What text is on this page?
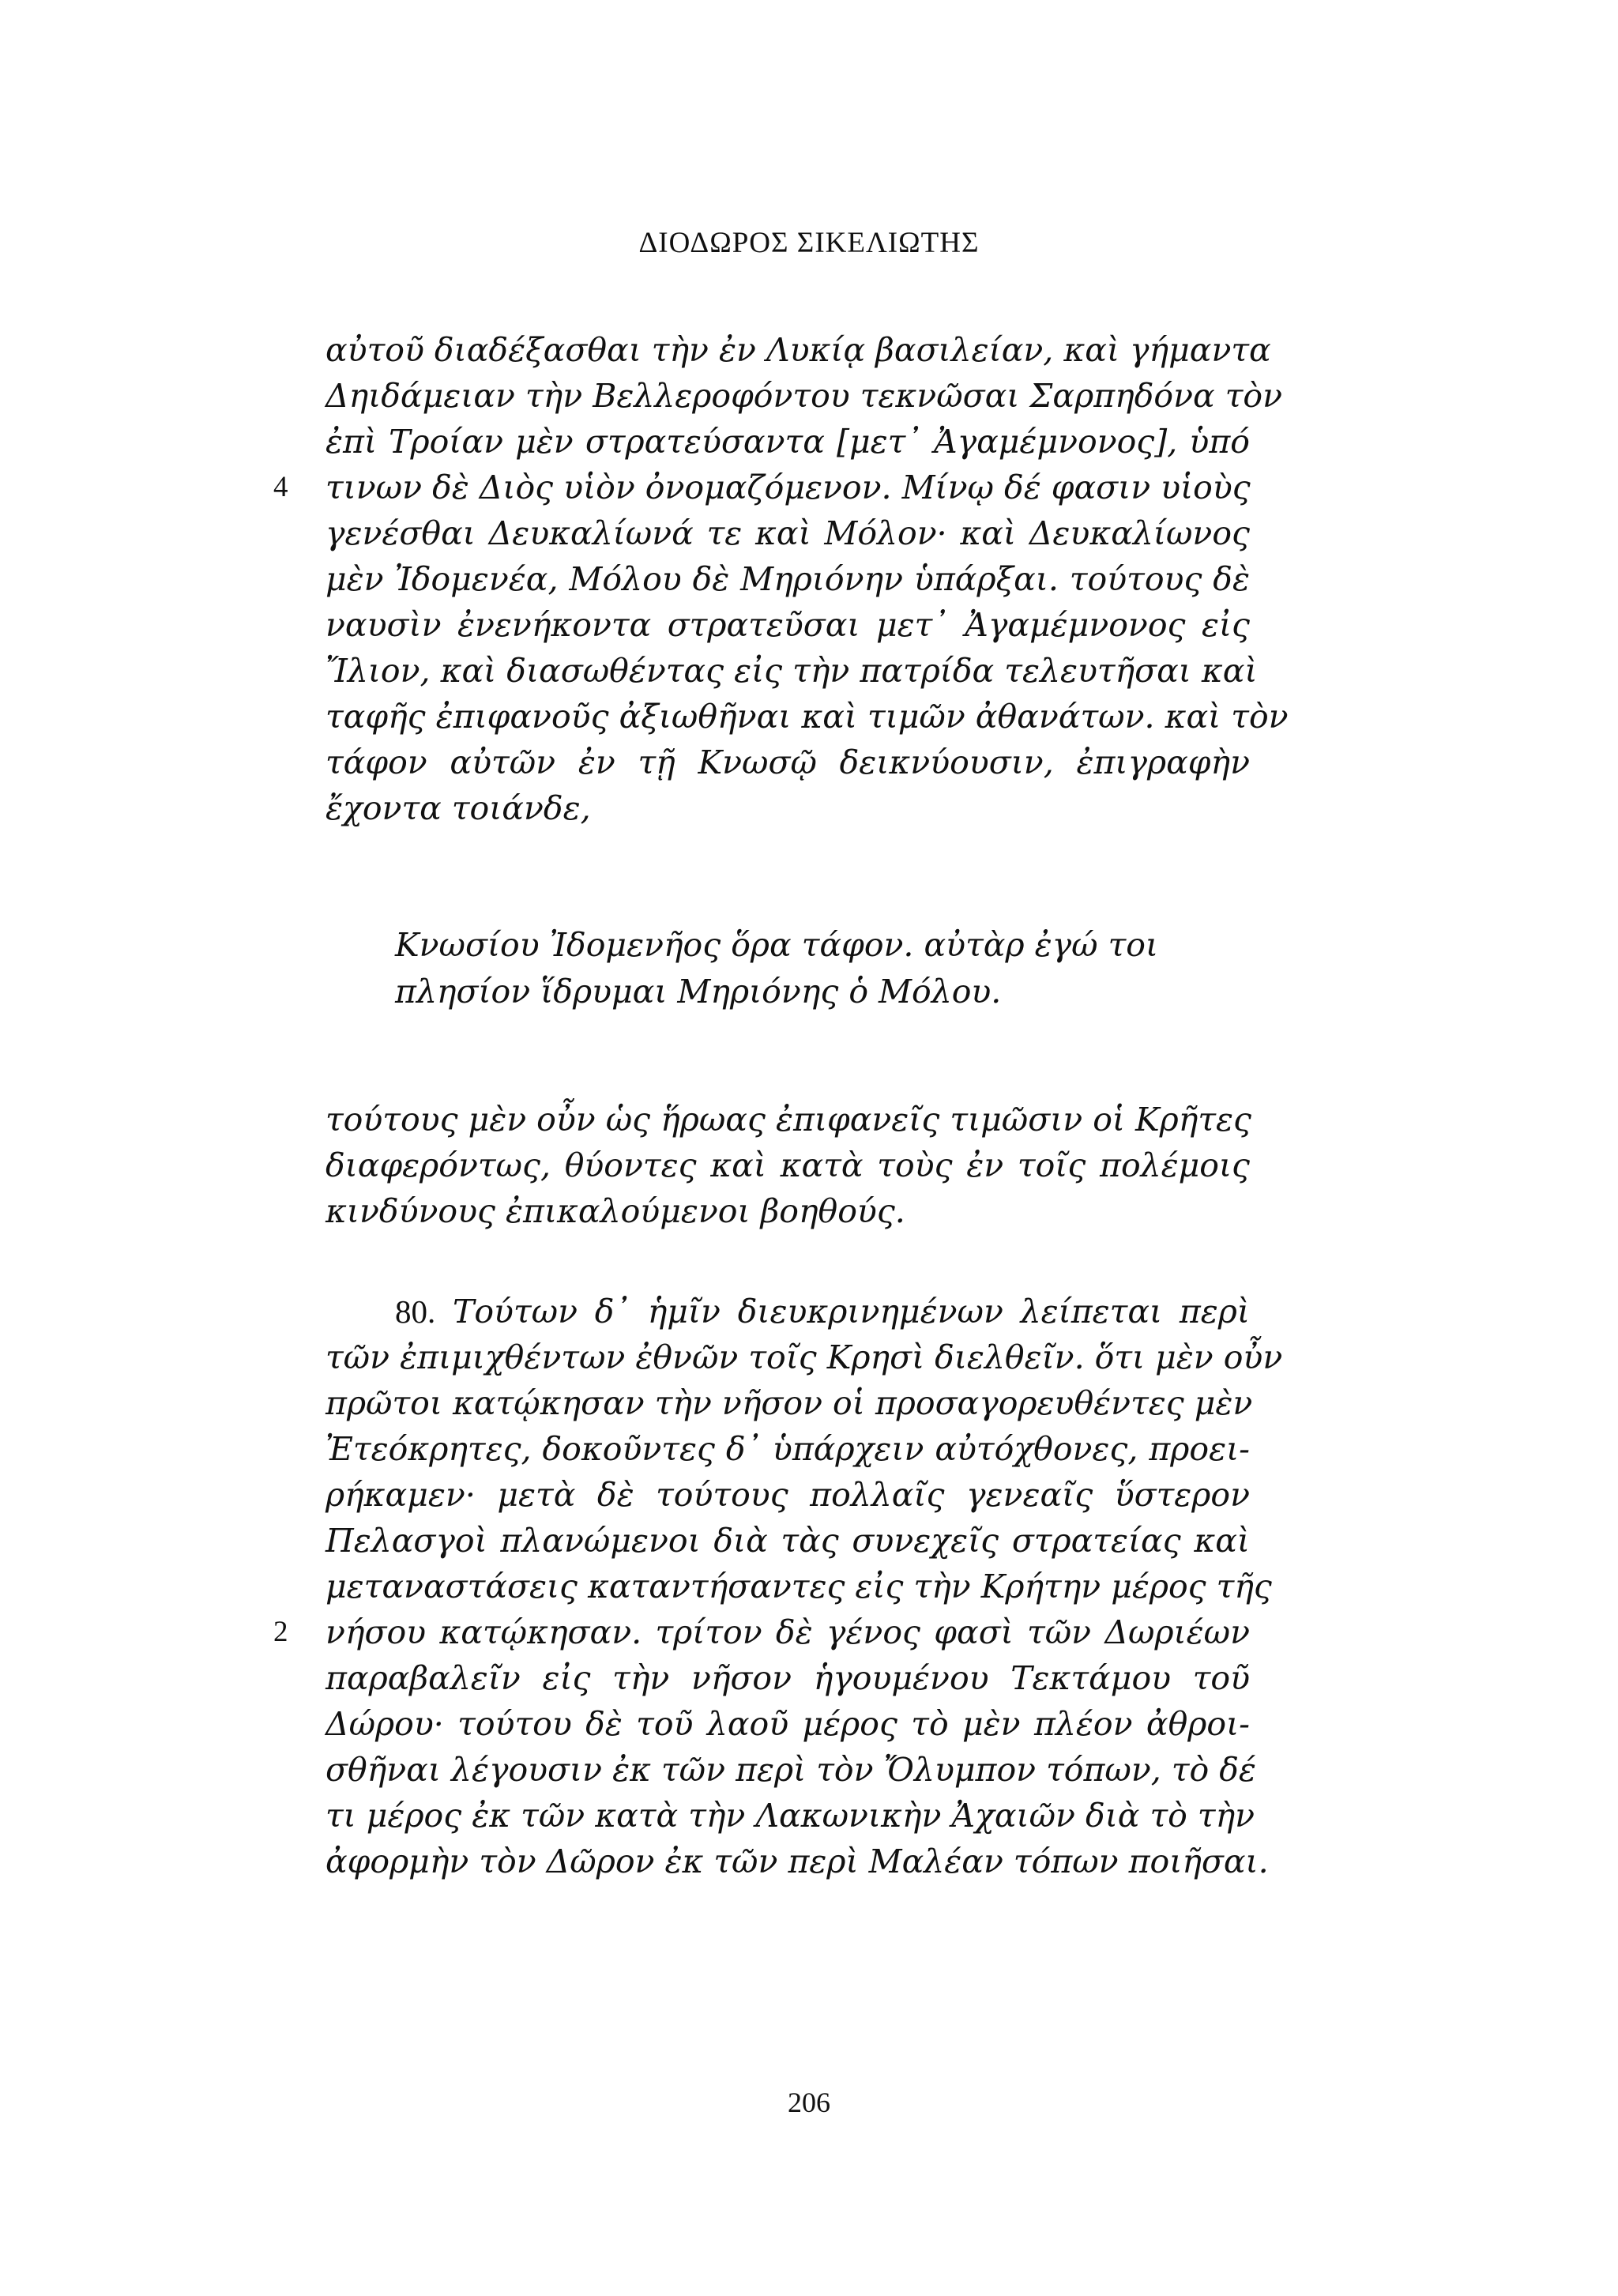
ΔΙΟΔΩΡΟΣ ΣΙΚΕΛΙΩΤΗΣ
αὐτοῦ διαδέξασθαι τὴν ἐν Λυκίᾳ βασιλείαν, καὶ γήμαντα
Δηιδάμειαν τὴν Βελλεροφόντου τεκνῶσαι Σαρπηδόνα τὸν
ἐπὶ Τροίαν μὲν στρατεύσαντα [μετ᾽ Ἀγαμέμνονος], ὑπό
4 τινων δὲ Διὸς υἱὸν ὀνομαζόμενον. Μίνῳ δέ φασιν υἱοὺς
γενέσθαι Δευκαλίωνά τε καὶ Μόλον· καὶ Δευκαλίωνος
μὲν Ἰδομενέα, Μόλου δὲ Μηριόνην ὑπάρξαι. τούτους δὲ
ναυσὶν ἐνενήκοντα στρατεῦσαι μετ᾽ Ἀγαμέμνονος εἰς
Ἴλιον, καὶ διασωθέντας εἰς τὴν πατρίδα τελευτῆσαι καὶ
ταφῆς ἐπιφανοῦς ἀξιωθῆναι καὶ τιμῶν ἀθανάτων. καὶ τὸν
τάφον αὐτῶν ἐν τῇ Κνωσῷ δεικνύουσιν, ἐπιγραφὴν
ἔχοντα τοιάνδε,
Κνωσίου Ἰδομενῆος ὅρα τάφον. αὐτὰρ ἐγώ τοι
πλησίον ἵδρυμαι Μηριόνης ὁ Μόλου.
τούτους μὲν οὖν ὡς ἥρωας ἐπιφανεῖς τιμῶσιν οἱ Κρῆτες
διαφερόντως, θύοντες καὶ κατὰ τοὺς ἐν τοῖς πολέμοις
κινδύνους ἐπικαλούμενοι βοηθούς.
80. Τούτων δ᾽ ἡμῖν διευκρινημένων λείπεται περὶ
τῶν ἐπιμιχθέντων ἐθνῶν τοῖς Κρησὶ διελθεῖν. ὅτι μὲν οὖν
πρῶτοι κατῴκησαν τὴν νῆσον οἱ προσαγορευθέντες μὲν
Ἐτεόκρητες, δοκοῦντες δ᾽ ὑπάρχειν αὐτόχθονες, προει-
ρήκαμεν· μετὰ δὲ τούτους πολλαῖς γενεαῖς ὕστερον
Πελασγοὶ πλανώμενοι διὰ τὰς συνεχεῖς στρατείας καὶ
μεταναστάσεις καταντήσαντες εἰς τὴν Κρήτην μέρος τῆς
2 νήσου κατῴκησαν. τρίτον δὲ γένος φασὶ τῶν Δωριέων
παραβαλεῖν εἰς τὴν νῆσον ἡγουμένου Τεκτάμου τοῦ
Δώρου· τούτου δὲ τοῦ λαοῦ μέρος τὸ μὲν πλέον ἀθροι-
σθῆναι λέγουσιν ἐκ τῶν περὶ τὸν Ὄλυμπον τόπων, τὸ δέ
τι μέρος ἐκ τῶν κατὰ τὴν Λακωνικὴν Ἀχαιῶν διὰ τὸ τὴν
ἀφορμὴν τὸν Δῶρον ἐκ τῶν περὶ Μαλέαν τόπων ποιῆσαι.
206
